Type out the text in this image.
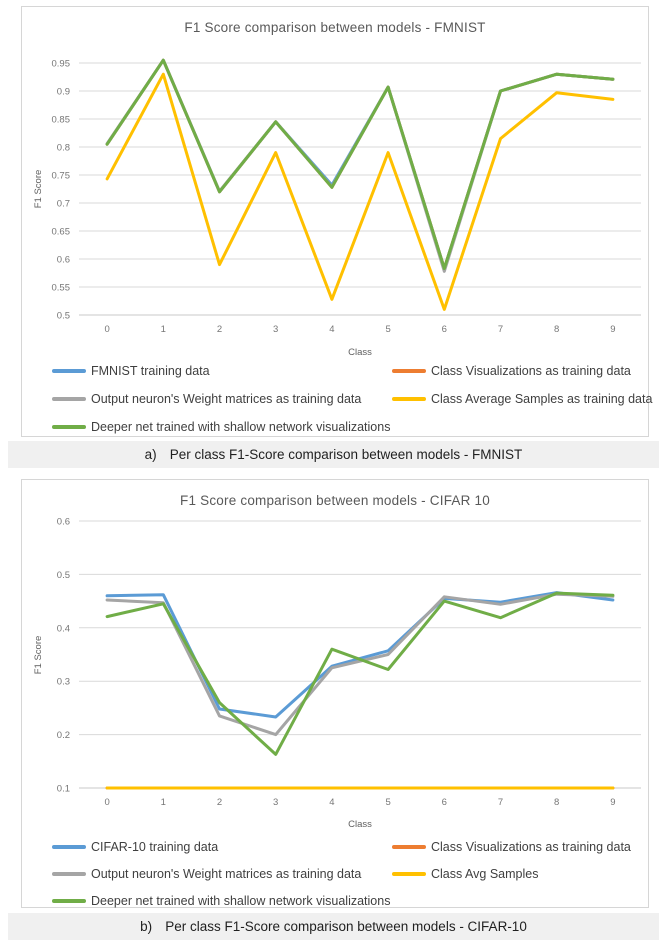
F1 Score comparison between models - FMNIST
0.5
0.55
0.6
0.65
0.7
0.75
0.8
0.85
0.9
0.95
0	1	2	3	4	5	6	7	8	9
F1 Score
Class
FMNIST training data	Class Visualizations as training data
Output neuron's Weight matrices as training data	Class Average Samples as training data
Deeper net trained with shallow network visualizations
a) Per class F1-Score comparison between models - FMNIST
F1 Score comparison between models - CIFAR 10
0.1
0.2
0.3
0.4
0.5
0.6
0	1	2	3	4	5	6	7	8	9
F1 Score
Class
CIFAR-10 training data	Class Visualizations as training data
Output neuron's Weight matrices as training data	Class Avg Samples
Deeper net trained with shallow network visualizations
b) Per class F1-Score comparison between models - CIFAR-10
